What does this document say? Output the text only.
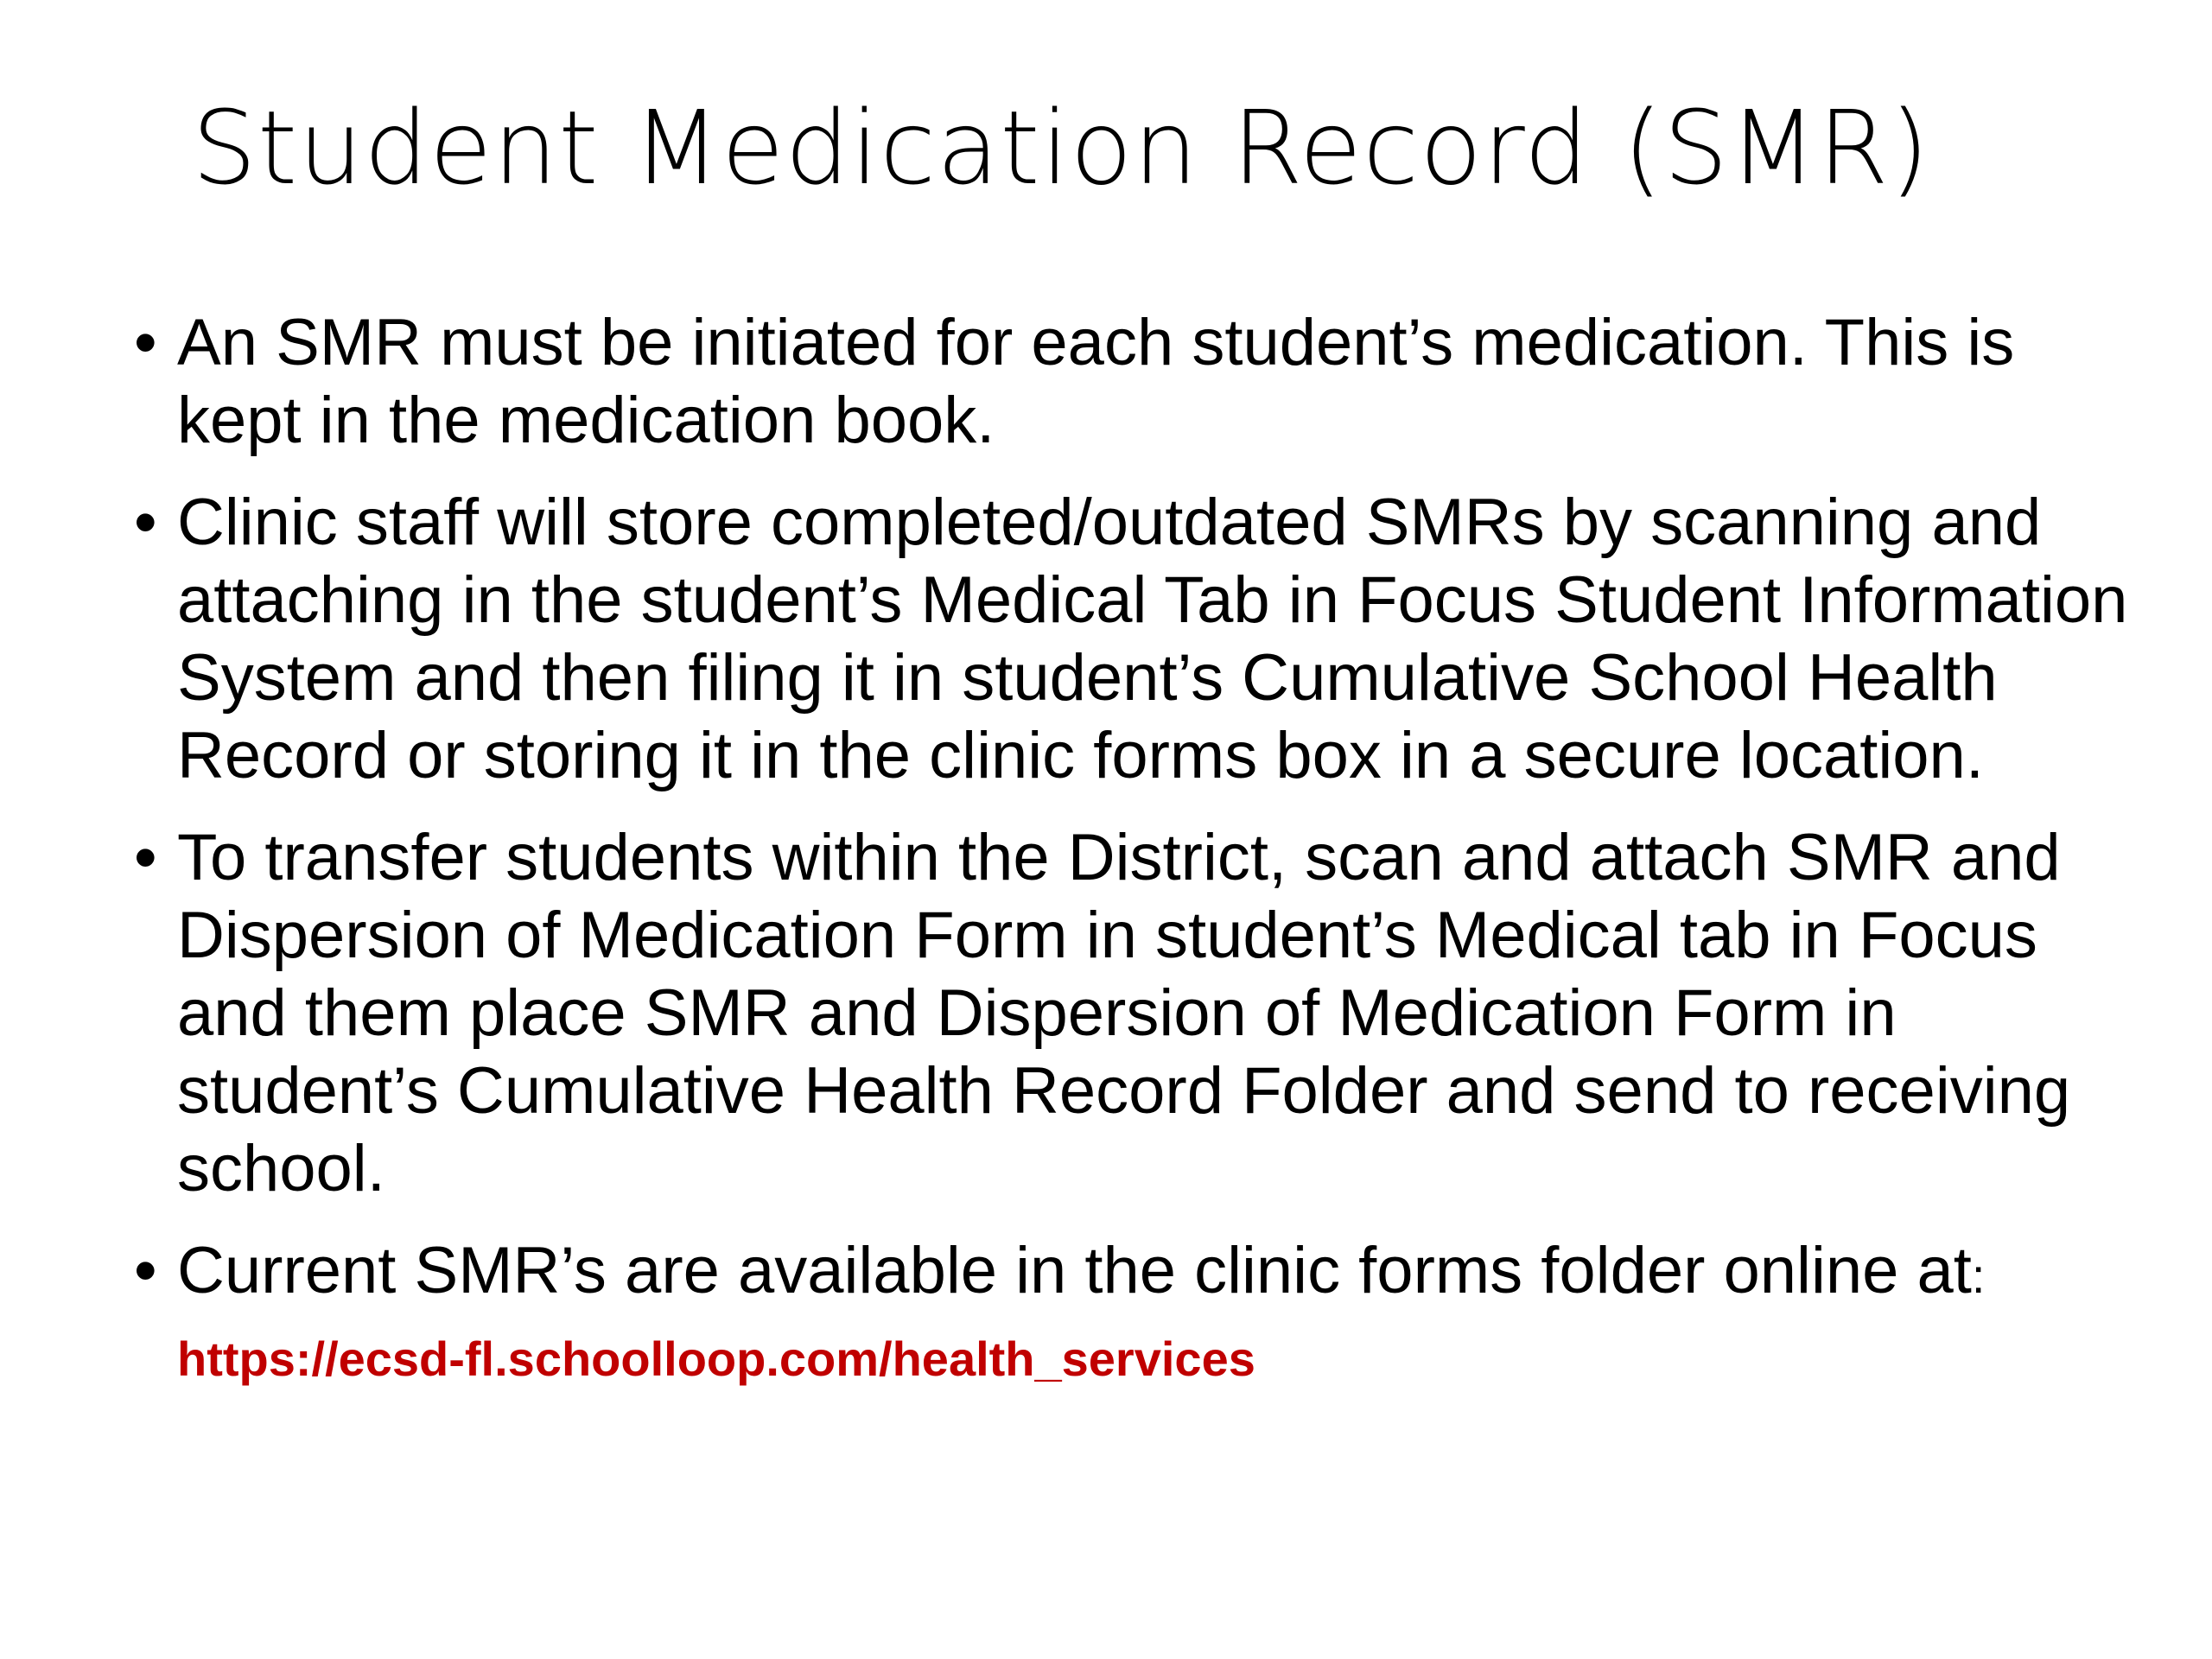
Student Medication Record (SMR)
• An SMR must be initiated for each student’s medication. This is kept in the medication book.
• Clinic staff will store completed/outdated SMRs by scanning and attaching in the student’s Medical Tab in Focus Student Information System and then filing it in student’s Cumulative School Health Record or storing it in the clinic forms box in a secure location.
• To transfer students within the District, scan and attach SMR and Dispersion of Medication Form in student’s Medical tab in Focus and them place SMR and Dispersion of Medication Form in student’s Cumulative Health Record Folder and send to receiving school.
• Current SMR’s are available in the clinic forms folder online at: https://ecsd-fl.schoolloop.com/health_services
